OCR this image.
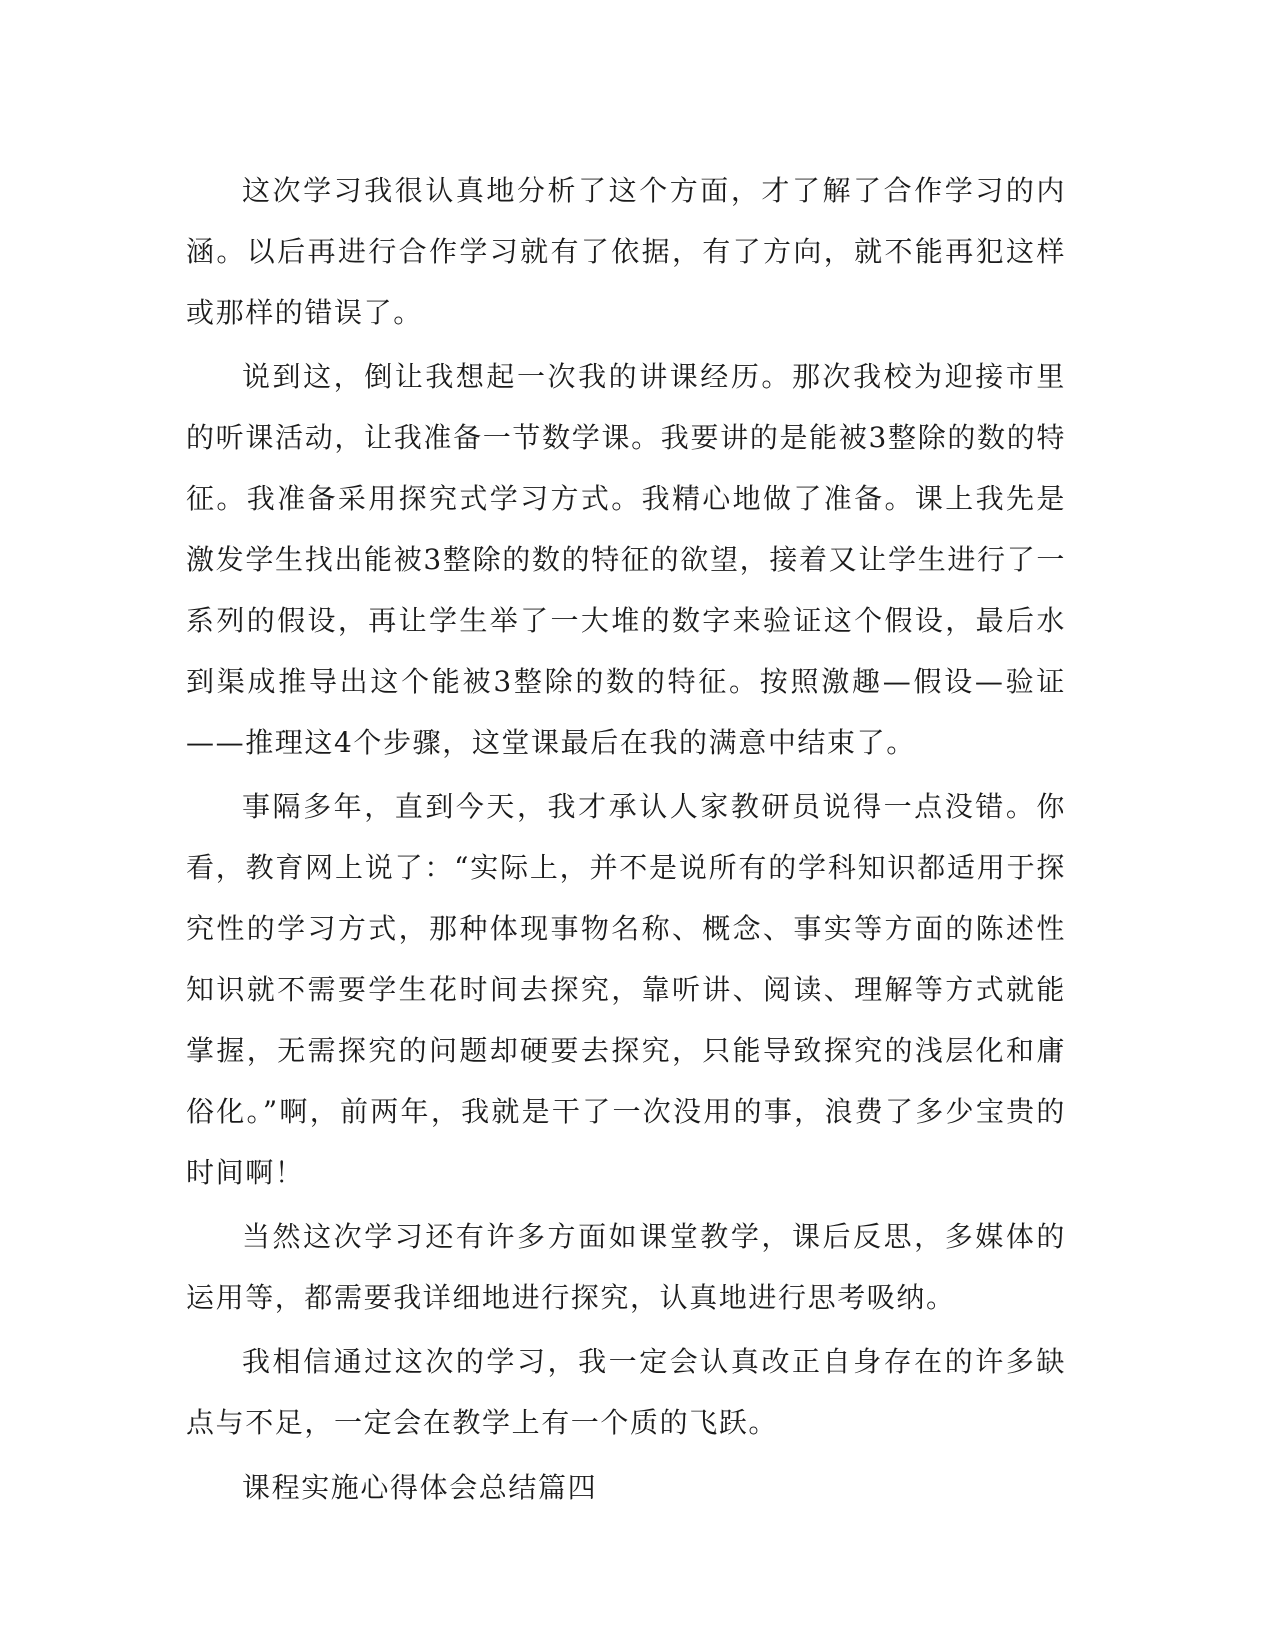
这次学习我很认真地分析了这个方面，才了解了合作学习的内涵。以后再进行合作学习就有了依据，有了方向，就不能再犯这样或那样的错误了。

说到这，倒让我想起一次我的讲课经历。那次我校为迎接市里的听课活动，让我准备一节数学课。我要讲的是能被3整除的数的特征。我准备采用探究式学习方式。我精心地做了准备。课上我先是激发学生找出能被3整除的数的特征的欲望，接着又让学生进行了一系列的假设，再让学生举了一大堆的数字来验证这个假设，最后水到渠成推导出这个能被3整除的数的特征。按照激趣—假设—验证——推理这4个步骤，这堂课最后在我的满意中结束了。

事隔多年，直到今天，我才承认人家教研员说得一点没错。你看，教育网上说了：“实际上，并不是说所有的学科知识都适用于探究性的学习方式，那种体现事物名称、概念、事实等方面的陈述性知识就不需要学生花时间去探究，靠听讲、阅读、理解等方式就能掌握，无需探究的问题却硬要去探究，只能导致探究的浅层化和庸俗化。”啊，前两年，我就是干了一次没用的事，浪费了多少宝贵的时间啊！

当然这次学习还有许多方面如课堂教学，课后反思，多媒体的运用等，都需要我详细地进行探究，认真地进行思考吸纳。

我相信通过这次的学习，我一定会认真改正自身存在的许多缺点与不足，一定会在教学上有一个质的飞跃。

课程实施心得体会总结篇四
